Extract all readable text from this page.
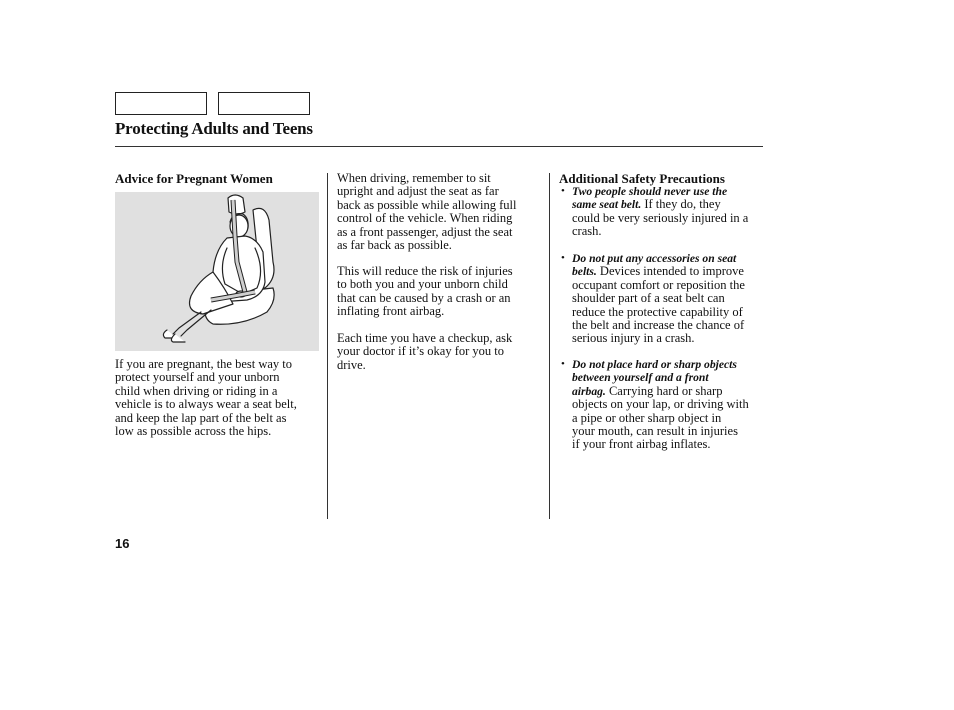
Protecting Adults and Teens
Advice for Pregnant Women

If you are pregnant, the best way to

protect yourself and your unborn

child when driving or riding in a

vehicle is to always wear a seat belt,

and keep the lap part of the belt as

low as possible across the hips.

When driving, remember to sit

upright and adjust the seat as far

back as possible while allowing full

control of the vehicle. When riding

as a front passenger, adjust the seat

as far back as possible.

This will reduce the risk of injuries

to both you and your unborn child

that can be caused by a crash or an

inflating front airbag.

Each time you have a checkup, ask

your doctor if it’s okay for you to

drive.

Additional Safety Precautions
• Two people should never use the
same seat belt. If they do, they
could be very seriously injured in a
crash.
• Do not put any accessories on seat
belts. Devices intended to improve
occupant comfort or reposition the
shoulder part of a seat belt can
reduce the protective capability of
the belt and increase the chance of
serious injury in a crash.
• Do not place hard or sharp objects
between yourself and a front
airbag. Carrying hard or sharp
objects on your lap, or driving with
a pipe or other sharp object in
your mouth, can result in injuries
if your front airbag inflates.
16
